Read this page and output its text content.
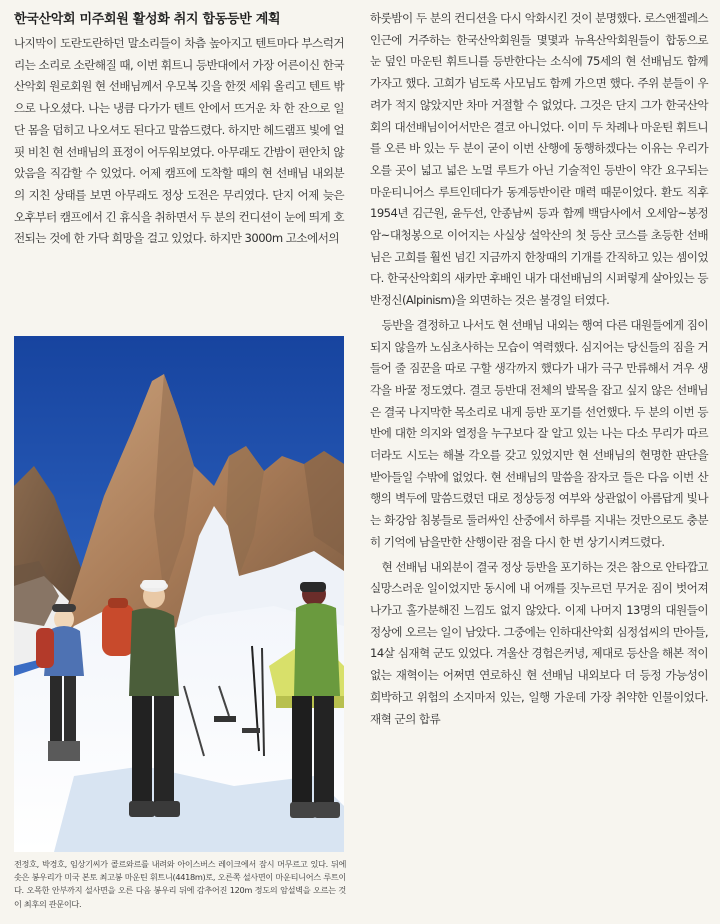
한국산악회 미주회원 활성화 취지 합동등반 계획

나지막이 도란도란하던 말소리들이 차츰 높아지고 텐트마다 부스럭거리는 소리로 소란해질 때, 이번 휘트니 등반대에서 가장 어른이신 한국산악회 원로회원 현 선배님께서 우모복 깃을 한껏 세워 올리고 텐트 밖으로 나오셨다. 나는 냉큼 다가가 텐트 안에서 뜨거운 차 한 잔으로 일단 몸을 덥히고 나오셔도 된다고 말씀드렸다. 하지만 헤드램프 빛에 얼핏 비친 현 선배님의 표정이 어두워보였다. 아무래도 간밤이 편안치 않았음을 직감할 수 있었다. 어제 캠프에 도착할 때의 현 선배님 내외분의 지친 상태를 보면 아무래도 정상 도전은 무리였다. 단지 어제 늦은 오후부터 캠프에서 긴 휴식을 취하면서 두 분의 컨디션이 눈에 띄게 호전되는 것에 한 가닥 희망을 걸고 있었다. 하지만 3000m 고소에서의

전정호, 박경호, 임상기씨가 콜르와르를 내려와 아이스버스 레이크에서 잠시 머무르고 있다. 뒤에 솟은 봉우리가 미국 본토 최고봉 마운틴 휘트니(4418m)로, 오른쪽 설사면이 마운티니어스 루트이다. 오목한 안부까지 설사면을 오른 다음 봉우리 뒤에 감추어진 120m 정도의 암설벽을 오르는 것이 최후의 관문이다.

하룻밤이 두 분의 컨디션을 다시 악화시킨 것이 분명했다. 로스앤젤레스 인근에 거주하는 한국산악회원들 몇몇과 뉴욕산악회원들이 합동으로 눈 덮인 마운틴 휘트니를 등반한다는 소식에 75세의 현 선배님도 함께 가자고 했다. 고희가 넘도록 사모님도 함께 가으면 했다. 주위 분들이 우려가 적지 않았지만 차마 거절할 수 없었다. 그것은 단지 그가 한국산악회의 대선배님이어서만은 결코 아니었다. 이미 두 차례나 마운틴 휘트니를 오른 바 있는 두 분이 굳이 이번 산행에 동행하겠다는 이유는 우리가 오를 곳이 넓고 넓은 노멀 루트가 아닌 기술적인 등반이 약간 요구되는 마운티니어스 루트인데다가 동계등반이란 매력 때문이었다. 환도 직후 1954년 김근원, 윤두선, 안종남씨 등과 함께 백담사에서 오세암~봉정암~대청봉으로 이어지는 사실상 설악산의 첫 등산 코스를 초등한 선배님은 고희를 훨씬 넘긴 지금까지 한창때의 기개를 간직하고 있는 셈이었다. 한국산악회의 새카만 후배인 내가 대선배님의 시퍼렇게 살아있는 등반정신(Alpinism)을 외면하는 것은 불경일 터였다.

등반을 결정하고 나서도 현 선배님 내외는 행여 다른 대원들에게 짐이 되지 않을까 노심초사하는 모습이 역력했다. 심지어는 당신들의 짐을 거들어 줄 짐꾼을 따로 구할 생각까지 했다가 내가 극구 만류해서 겨우 생각을 바꿀 정도였다. 결코 등반대 전체의 발목을 잡고 싶지 않은 선배님은 결국 나지막한 목소리로 내게 등반 포기를 선언했다. 두 분의 이번 등반에 대한 의지와 열정을 누구보다 잘 알고 있는 나는 다소 무리가 따르더라도 시도는 해볼 각오를 갖고 있었지만 현 선배님의 현명한 판단을 받아들일 수밖에 없었다. 현 선배님의 말씀을 잠자코 들은 다음 이번 산행의 벽두에 말씀드렸던 대로 정상등정 여부와 상관없이 아름답게 빛나는 화강암 침봉들로 둘러싸인 산중에서 하루를 지내는 것만으로도 충분히 기억에 남을만한 산행이란 점을 다시 한 번 상기시켜드렸다.

현 선배님 내외분이 결국 정상 등반을 포기하는 것은 참으로 안타깝고 실망스러운 일이었지만 동시에 내 어깨를 짓누르던 무거운 짐이 벗어져나가고 홀가분해진 느낌도 없지 않았다. 이제 나머지 13명의 대원들이 정상에 오르는 일이 남았다. 그중에는 인하대산악회 심정섭씨의 만아들, 14살 심재혁 군도 있었다. 겨울산 경험은커녕, 제대로 등산을 해본 적이 없는 재혁이는 어쩌면 연로하신 현 선배님 내외보다 더 등정 가능성이 희박하고 위험의 소지마저 있는, 일행 가운데 가장 취약한 인물이었다. 재혁 군의 합류
